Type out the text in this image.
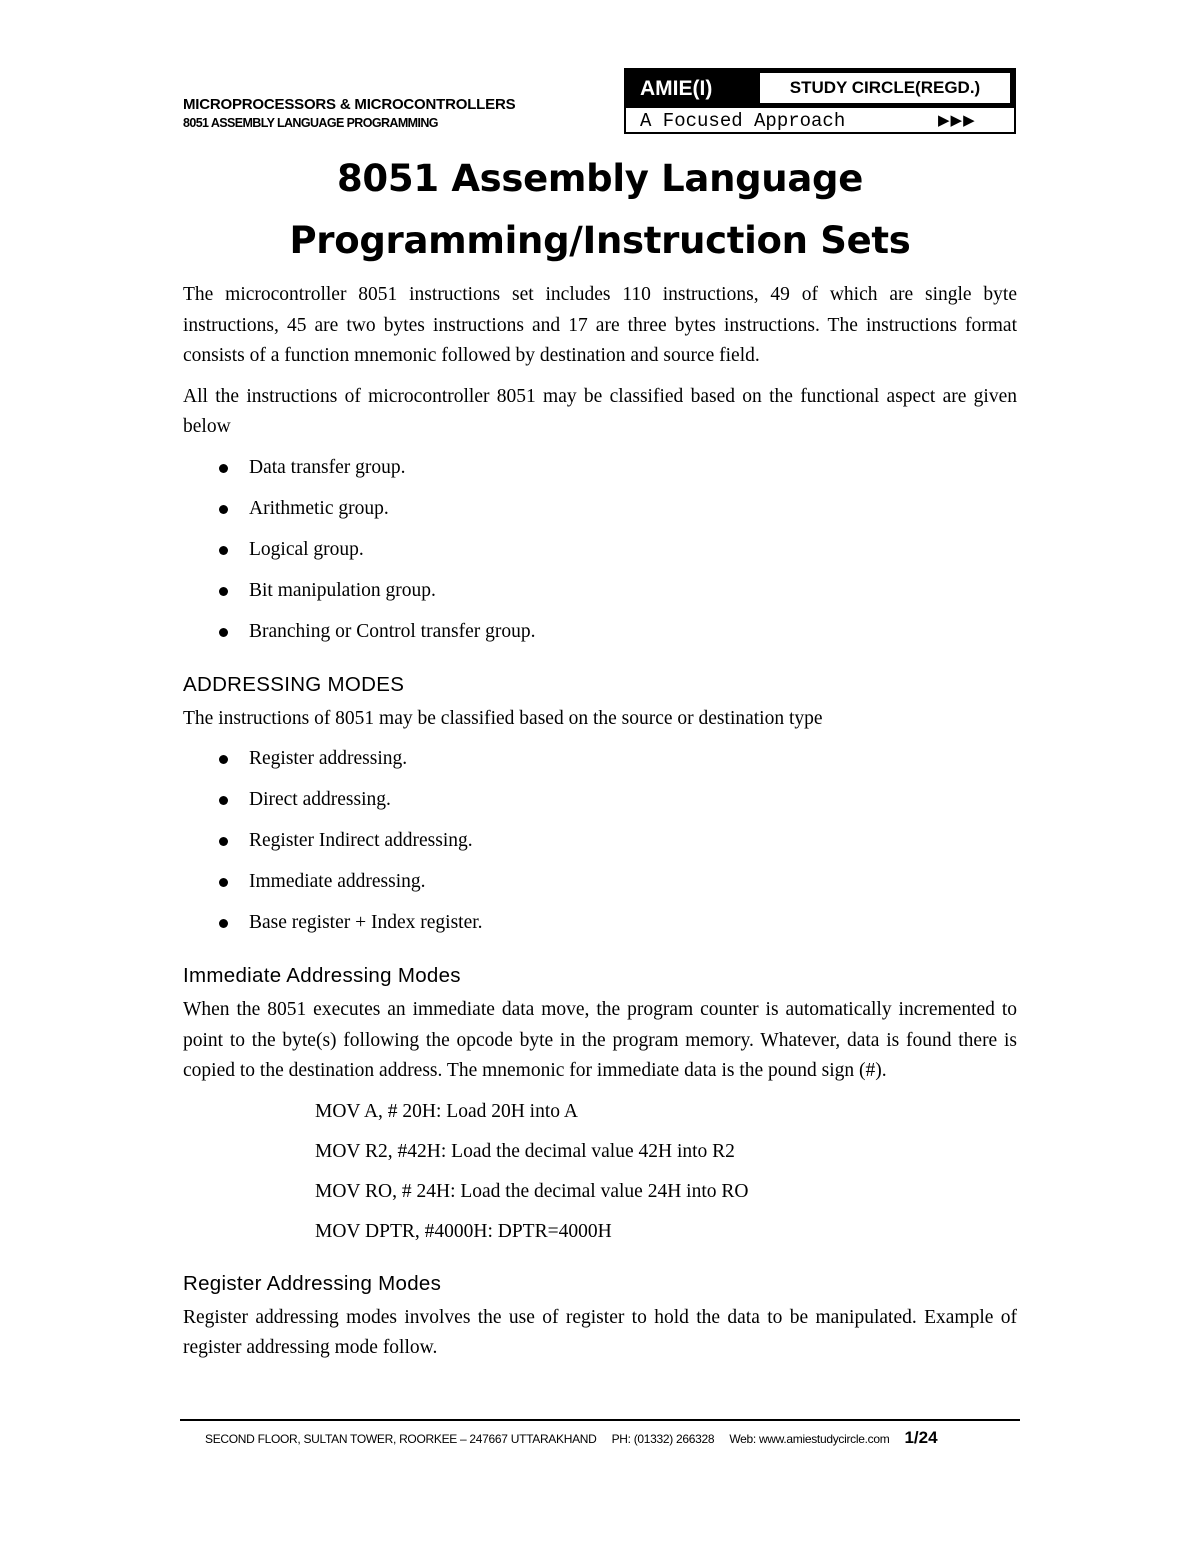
MICROPROCESSORS & MICROCONTROLLERS
8051 ASSEMBLY LANGUAGE PROGRAMMING
AMIE(I)	STUDY CIRCLE(REGD.)
A Focused Approach	▶▶▶
8051 Assembly Language
Programming/Instruction Sets

The microcontroller 8051 instructions set includes 110 instructions, 49 of which are single byte instructions, 45 are two bytes instructions and 17 are three bytes instructions. The instructions format consists of a function mnemonic followed by destination and source field.

All the instructions of microcontroller 8051 may be classified based on the functional aspect are given below

Data transfer group.
Arithmetic group.
Logical group.
Bit manipulation group.
Branching or Control transfer group.
ADDRESSING MODES

The instructions of 8051 may be classified based on the source or destination type

Register addressing.
Direct addressing.
Register Indirect addressing.
Immediate addressing.
Base register + Index register.
Immediate Addressing Modes

When the 8051 executes an immediate data move, the program counter is automatically incremented to point to the byte(s) following the opcode byte in the program memory. Whatever, data is found there is copied to the destination address. The mnemonic for immediate data is the pound sign (#).

MOV A, # 20H: Load 20H into A
MOV R2, #42H: Load the decimal value 42H into R2
MOV RO, # 24H: Load the decimal value 24H into RO
MOV DPTR, #4000H: DPTR=4000H
Register Addressing Modes

Register addressing modes involves the use of register to hold the data to be manipulated. Example of register addressing mode follow.

SECOND FLOOR, SULTAN TOWER, ROORKEE – 247667 UTTARAKHAND PH: (01332) 266328 Web: www.amiestudycircle.com 1/24
